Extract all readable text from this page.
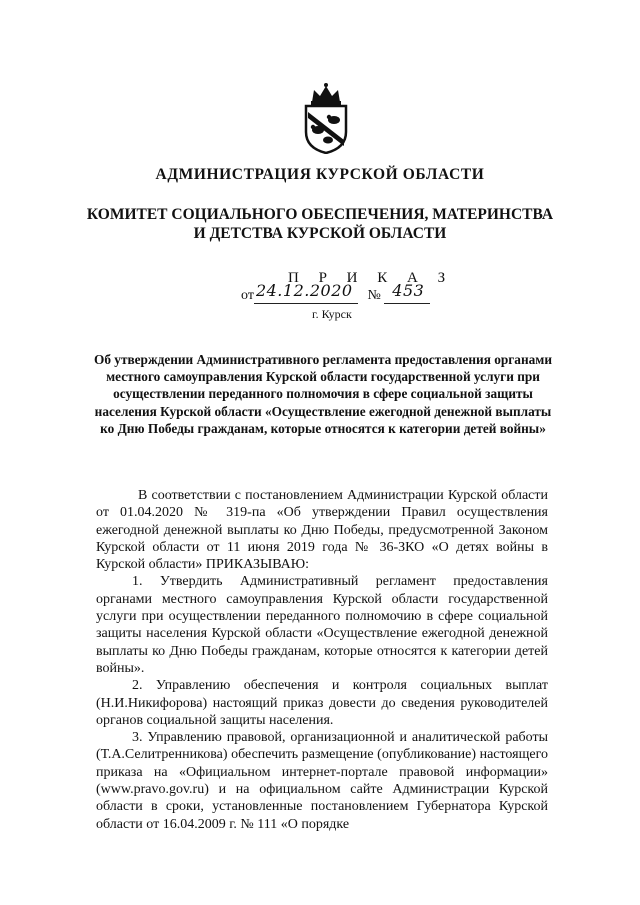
АДМИНИСТРАЦИЯ КУРСКОЙ ОБЛАСТИ
КОМИТЕТ СОЦИАЛЬНОГО ОБЕСПЕЧЕНИЯ, МАТЕРИНСТВА
И ДЕТСТВА КУРСКОЙ ОБЛАСТИ
П Р И К А З
от 24.12.2020 № 453
г. Курск
Об утверждении Административного регламента предоставления органами местного самоуправления Курской области государственной услуги при осуществлении переданного полномочия в сфере социальной защиты населения Курской области «Осуществление ежегодной денежной выплаты ко Дню Победы гражданам, которые относятся к категории детей войны»

В соответствии с постановлением Администрации Курской области от 01.04.2020 № 319-па «Об утверждении Правил осуществления ежегодной денежной выплаты ко Дню Победы, предусмотренной Законом Курской области от 11 июня 2019 года № 36-ЗКО «О детях войны в Курской области» ПРИКАЗЫВАЮ:

1. Утвердить Административный регламент предоставления органами местного самоуправления Курской области государственной услуги при осуществлении переданного полномочию в сфере социальной защиты населения Курской области «Осуществление ежегодной денежной выплаты ко Дню Победы гражданам, которые относятся к категории детей войны».

2. Управлению обеспечения и контроля социальных выплат (Н.И.Никифорова) настоящий приказ довести до сведения руководителей органов социальной защиты населения.

3. Управлению правовой, организационной и аналитической работы (Т.А.Селитренникова) обеспечить размещение (опубликование) настоящего приказа на «Официальном интернет-портале правовой информации» (www.pravo.gov.ru) и на официальном сайте Администрации Курской области в сроки, установленные постановлением Губернатора Курской области от 16.04.2009 г. № 111 «О порядке
